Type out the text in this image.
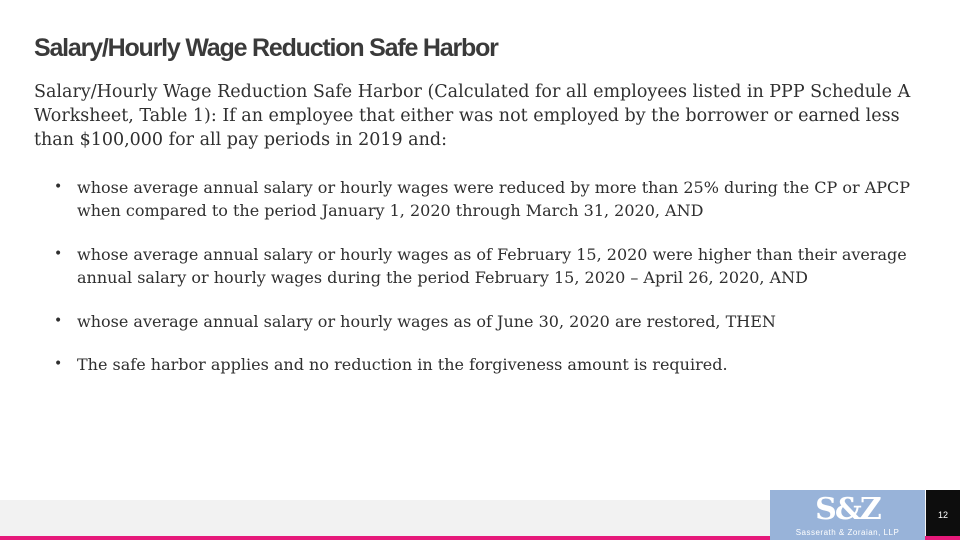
Salary/Hourly Wage Reduction Safe Harbor

Salary/Hourly Wage Reduction Safe Harbor (Calculated for all employees listed in PPP Schedule A Worksheet, Table 1): If an employee that either was not employed by the borrower or earned less than $100,000 for all pay periods in 2019 and:

• whose average annual salary or hourly wages were reduced by more than 25% during the CP or APCP when compared to the period January 1, 2020 through March 31, 2020, AND
• whose average annual salary or hourly wages as of February 15, 2020 were higher than their average annual salary or hourly wages during the period February 15, 2020 – April 26, 2020, AND
• whose average annual salary or hourly wages as of June 30, 2020 are restored, THEN
• The safe harbor applies and no reduction in the forgiveness amount is required.
S&Z
Sasserath & Zoraian, LLP
12
